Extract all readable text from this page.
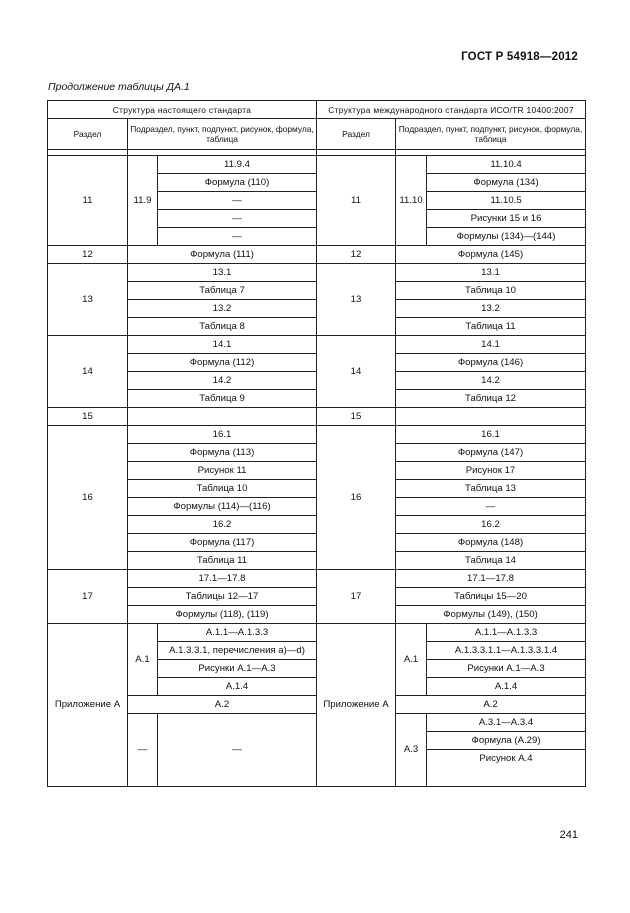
ГОСТ Р 54918—2012
Продолжение таблицы ДА.1
Структура настоящего стандарта			Структура международного стандарта ИСО/TR 10400:2007		
Раздел	Подраздел, пункт, подпункт, рисунок, формула, таблица		Раздел	Подраздел, пункт, подпункт, рисунок, формула, таблица	

11	11.9	11.9.4	11	11.10	11.10.4
		Формула (110)			Формула (134)
		—			11.10.5
		—			Рисунки 15 и 16
		—			Формулы (134)—(144)
12	Формула (111)		12	Формула (145)	
13	13.1		13	13.1	
	Таблица 7			Таблица 10	
	13.2			13.2	
	Таблица 8			Таблица 11	
14	14.1		14	14.1	
	Формула (112)			Формула (146)	
	14.2			14.2	
	Таблица 9			Таблица 12	
15			15		
16	16.1		16	16.1	
	Формула (113)			Формула (147)	
	Рисунок 11			Рисунок 17	
	Таблица 10			Таблица 13	
	Формулы (114)—(116)			—	
	16.2			16.2	
	Формула (117)			Формула (148)	
	Таблица 11			Таблица 14	
17	17.1—17.8		17	17.1—17.8	
	Таблицы 12—17			Таблицы 15—20	
	Формулы (118), (119)			Формулы (149), (150)	
Приложение А	А.1	А.1.1—А.1.3.3	Приложение А	А.1	А.1.1—А.1.3.3
		А.1.3.3.1, перечисления a)—d)			А.1.3.3.1.1—А.1.3.3.1.4
		Рисунки А.1—А.3			Рисунки А.1—А.3
		А.1.4			А.1.4
	А.2			А.2	
	—	—		А.3	А.3.1—А.3.4
					Формула (А.29)
					Рисунок А.4
241
